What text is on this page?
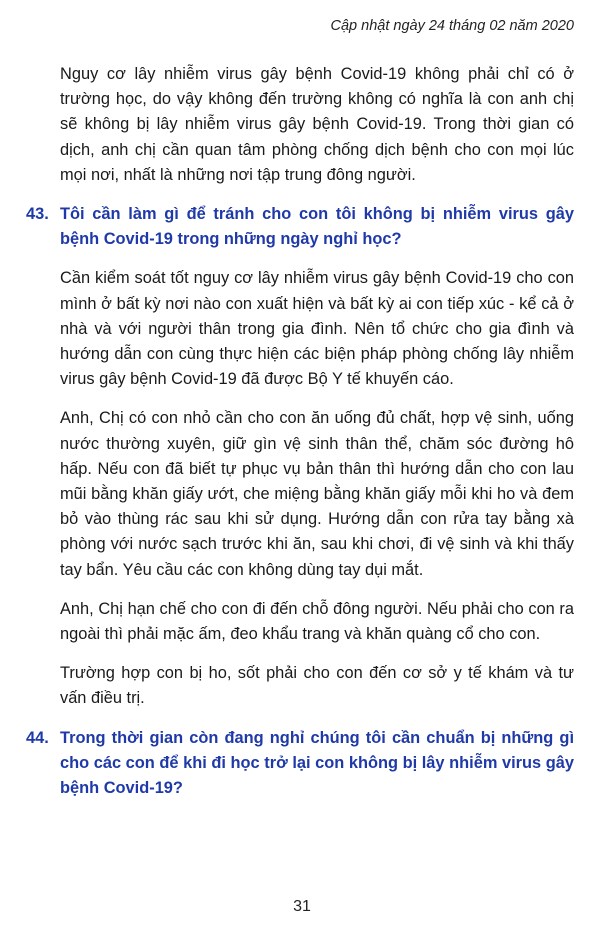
Cập nhật ngày 24 tháng 02 năm 2020

Nguy cơ lây nhiễm virus gây bệnh Covid-19 không phải chỉ có ở trường học, do vậy không đến trường không có nghĩa là con anh chị sẽ không bị lây nhiễm virus gây bệnh Covid-19. Trong thời gian có dịch, anh chị cần quan tâm phòng chống dịch bệnh cho con mọi lúc mọi nơi, nhất là những nơi tập trung đông người.

43. Tôi cần làm gì để tránh cho con tôi không bị nhiễm virus gây bệnh Covid-19 trong những ngày nghỉ học?

Cần kiểm soát tốt nguy cơ lây nhiễm virus gây bệnh Covid-19 cho con mình ở bất kỳ nơi nào con xuất hiện và bất kỳ ai con tiếp xúc - kể cả ở nhà và với người thân trong gia đình. Nên tổ chức cho gia đình và hướng dẫn con cùng thực hiện các biện pháp phòng chống lây nhiễm virus gây bệnh Covid-19 đã được Bộ Y tế khuyến cáo.

Anh, Chị có con nhỏ cần cho con ăn uống đủ chất, hợp vệ sinh, uống nước thường xuyên, giữ gìn vệ sinh thân thể, chăm sóc đường hô hấp. Nếu con đã biết tự phục vụ bản thân thì hướng dẫn cho con lau mũi bằng khăn giấy ướt, che miệng bằng khăn giấy mỗi khi ho và đem bỏ vào thùng rác sau khi sử dụng. Hướng dẫn con rửa tay bằng xà phòng với nước sạch trước khi ăn, sau khi chơi, đi vệ sinh và khi thấy tay bẩn. Yêu cầu các con không dùng tay dụi mắt.

Anh, Chị hạn chế cho con đi đến chỗ đông người. Nếu phải cho con ra ngoài thì phải mặc ấm, đeo khẩu trang và khăn quàng cổ cho con.

Trường hợp con bị ho, sốt phải cho con đến cơ sở y tế khám và tư vấn điều trị.

44. Trong thời gian còn đang nghỉ chúng tôi cần chuẩn bị những gì cho các con để khi đi học trở lại con không bị lây nhiễm virus gây bệnh Covid-19?
31
